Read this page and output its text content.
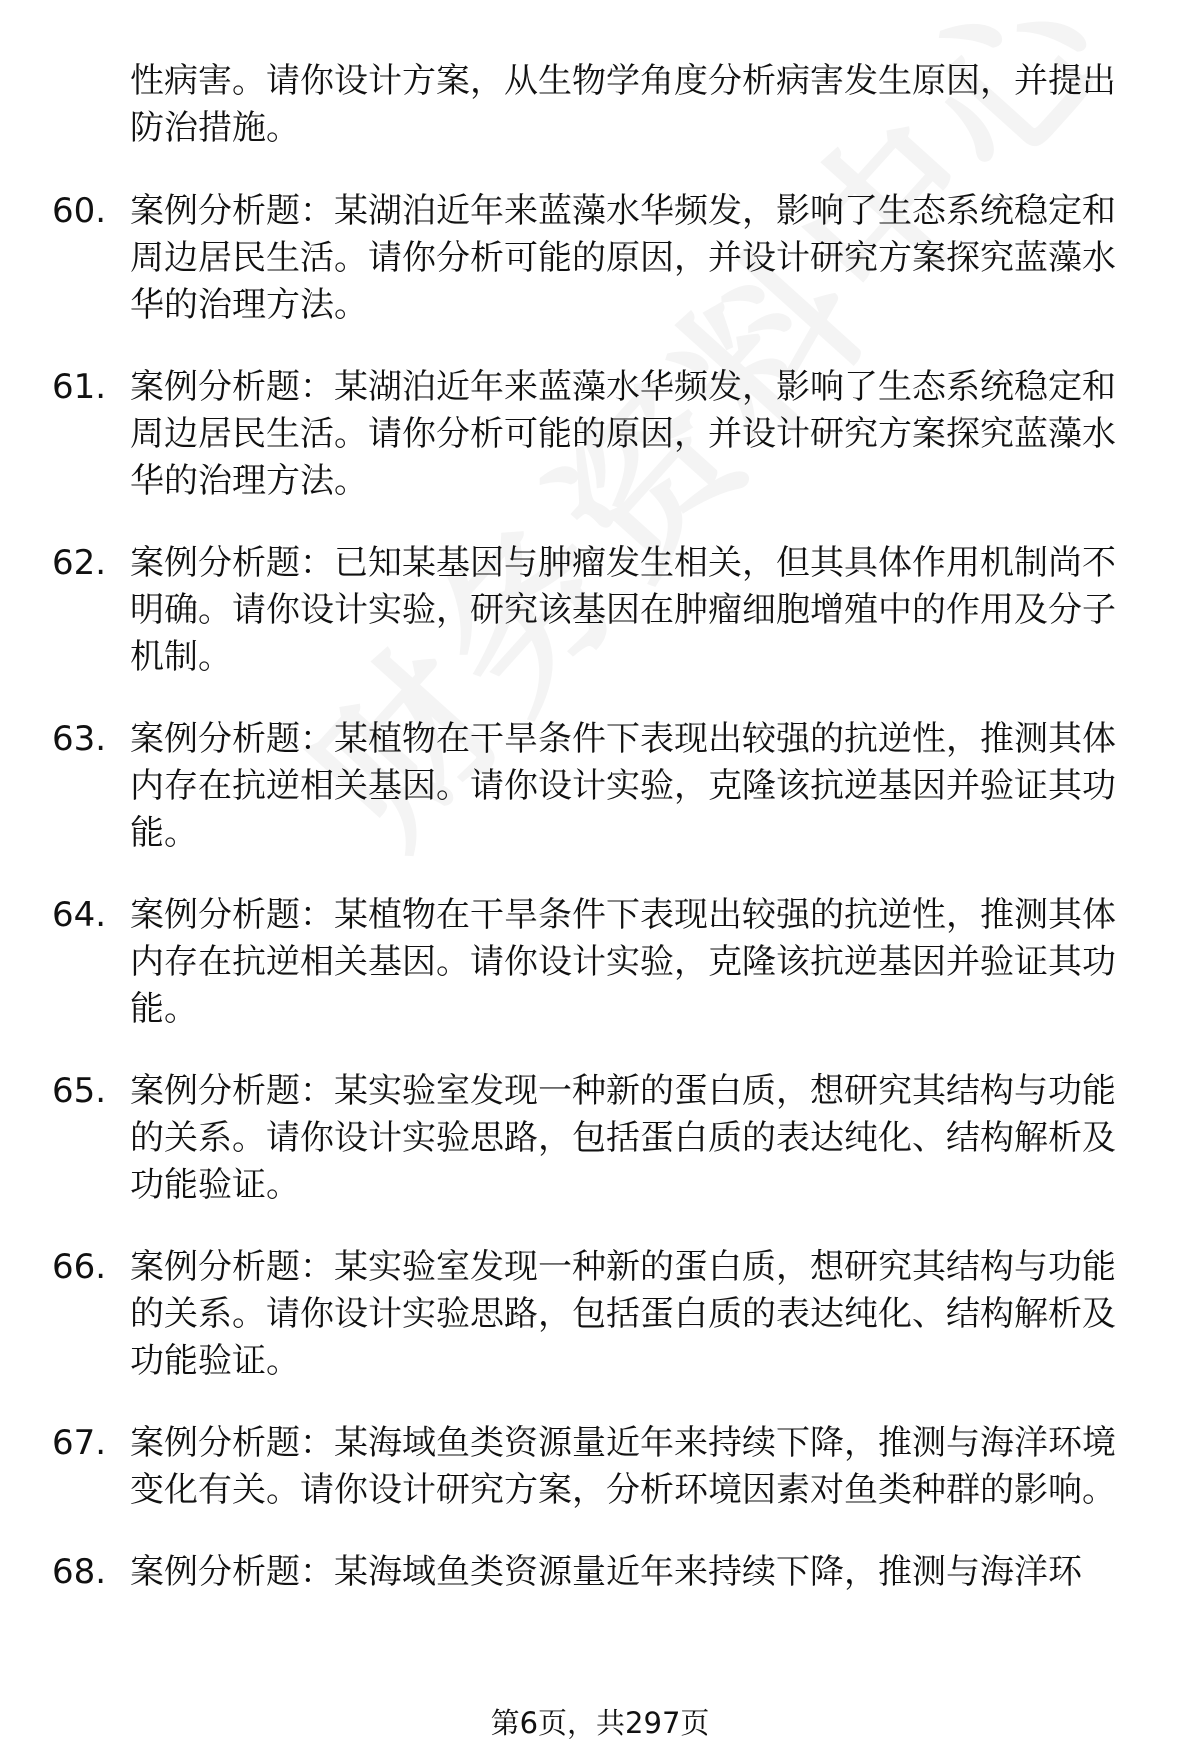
性病害。请你设计方案，从生物学角度分析病害发生原因，并提出防治措施。
60. 案例分析题：某湖泊近年来蓝藻水华频发，影响了生态系统稳定和周边居民生活。请你分析可能的原因，并设计研究方案探究蓝藻水华的治理方法。
61. 案例分析题：某湖泊近年来蓝藻水华频发，影响了生态系统稳定和周边居民生活。请你分析可能的原因，并设计研究方案探究蓝藻水华的治理方法。
62. 案例分析题：已知某基因与肿瘤发生相关，但其具体作用机制尚不明确。请你设计实验，研究该基因在肿瘤细胞增殖中的作用及分子机制。
63. 案例分析题：某植物在干旱条件下表现出较强的抗逆性，推测其体内存在抗逆相关基因。请你设计实验，克隆该抗逆基因并验证其功能。
64. 案例分析题：某植物在干旱条件下表现出较强的抗逆性，推测其体内存在抗逆相关基因。请你设计实验，克隆该抗逆基因并验证其功能。
65. 案例分析题：某实验室发现一种新的蛋白质，想研究其结构与功能的关系。请你设计实验思路，包括蛋白质的表达纯化、结构解析及功能验证。
66. 案例分析题：某实验室发现一种新的蛋白质，想研究其结构与功能的关系。请你设计实验思路，包括蛋白质的表达纯化、结构解析及功能验证。
67. 案例分析题：某海域鱼类资源量近年来持续下降，推测与海洋环境变化有关。请你设计研究方案，分析环境因素对鱼类种群的影响。
68. 案例分析题：某海域鱼类资源量近年来持续下降，推测与海洋环
第6页，共297页
